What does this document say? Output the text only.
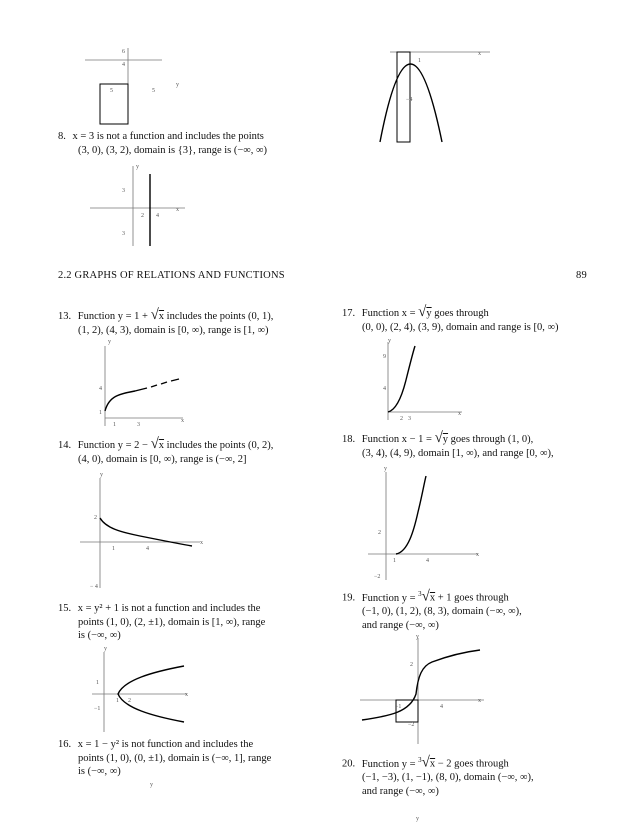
6
4
5	5
y
x
1
−4
8. x = 3 is not a function and includes the points
(3, 0), (3, 2), domain is {3}, range is (−∞, ∞)
y
3
2 4
x
3
2.2 GRAPHS OF RELATIONS AND FUNCTIONS	89
13. Function y = 1 + √x includes the points (0, 1),
(1, 2), (4, 3), domain is [0, ∞), range is [1, ∞)
y
4
1
1	3
x
14. Function y = 2 − √x includes the points (0, 2),
(4, 0), domain is [0, ∞), range is (−∞, 2]
y
2
1	4
x
− 4
15. x = y² + 1 is not a function and includes the
points (1, 0), (2, ±1), domain is [1, ∞), range
is (−∞, ∞)
y
1
1 2
x
−1
16. x = 1 − y² is not function and includes the
points (1, 0), (0, ±1), domain is (−∞, 1], range
is (−∞, ∞)
y
17. Function x = √y goes through
(0, 0), (2, 4), (3, 9), domain and range is [0, ∞)
y
9
4
2 3
x
18. Function x − 1 = √y goes through (1, 0),
(3, 4), (4, 9), domain [1, ∞), and range [0, ∞),
y
2
1	4
x
−2
19. Function y = $^3$√x + 1 goes through
(−1, 0), (1, 2), (8, 3), domain (−∞, ∞),
and range (−∞, ∞)
y
2
−1	4
x
−2
20. Function y = $^3$√x − 2 goes through
(−1, −3), (1, −1), (8, 0), domain (−∞, ∞),
and range (−∞, ∞)
y
